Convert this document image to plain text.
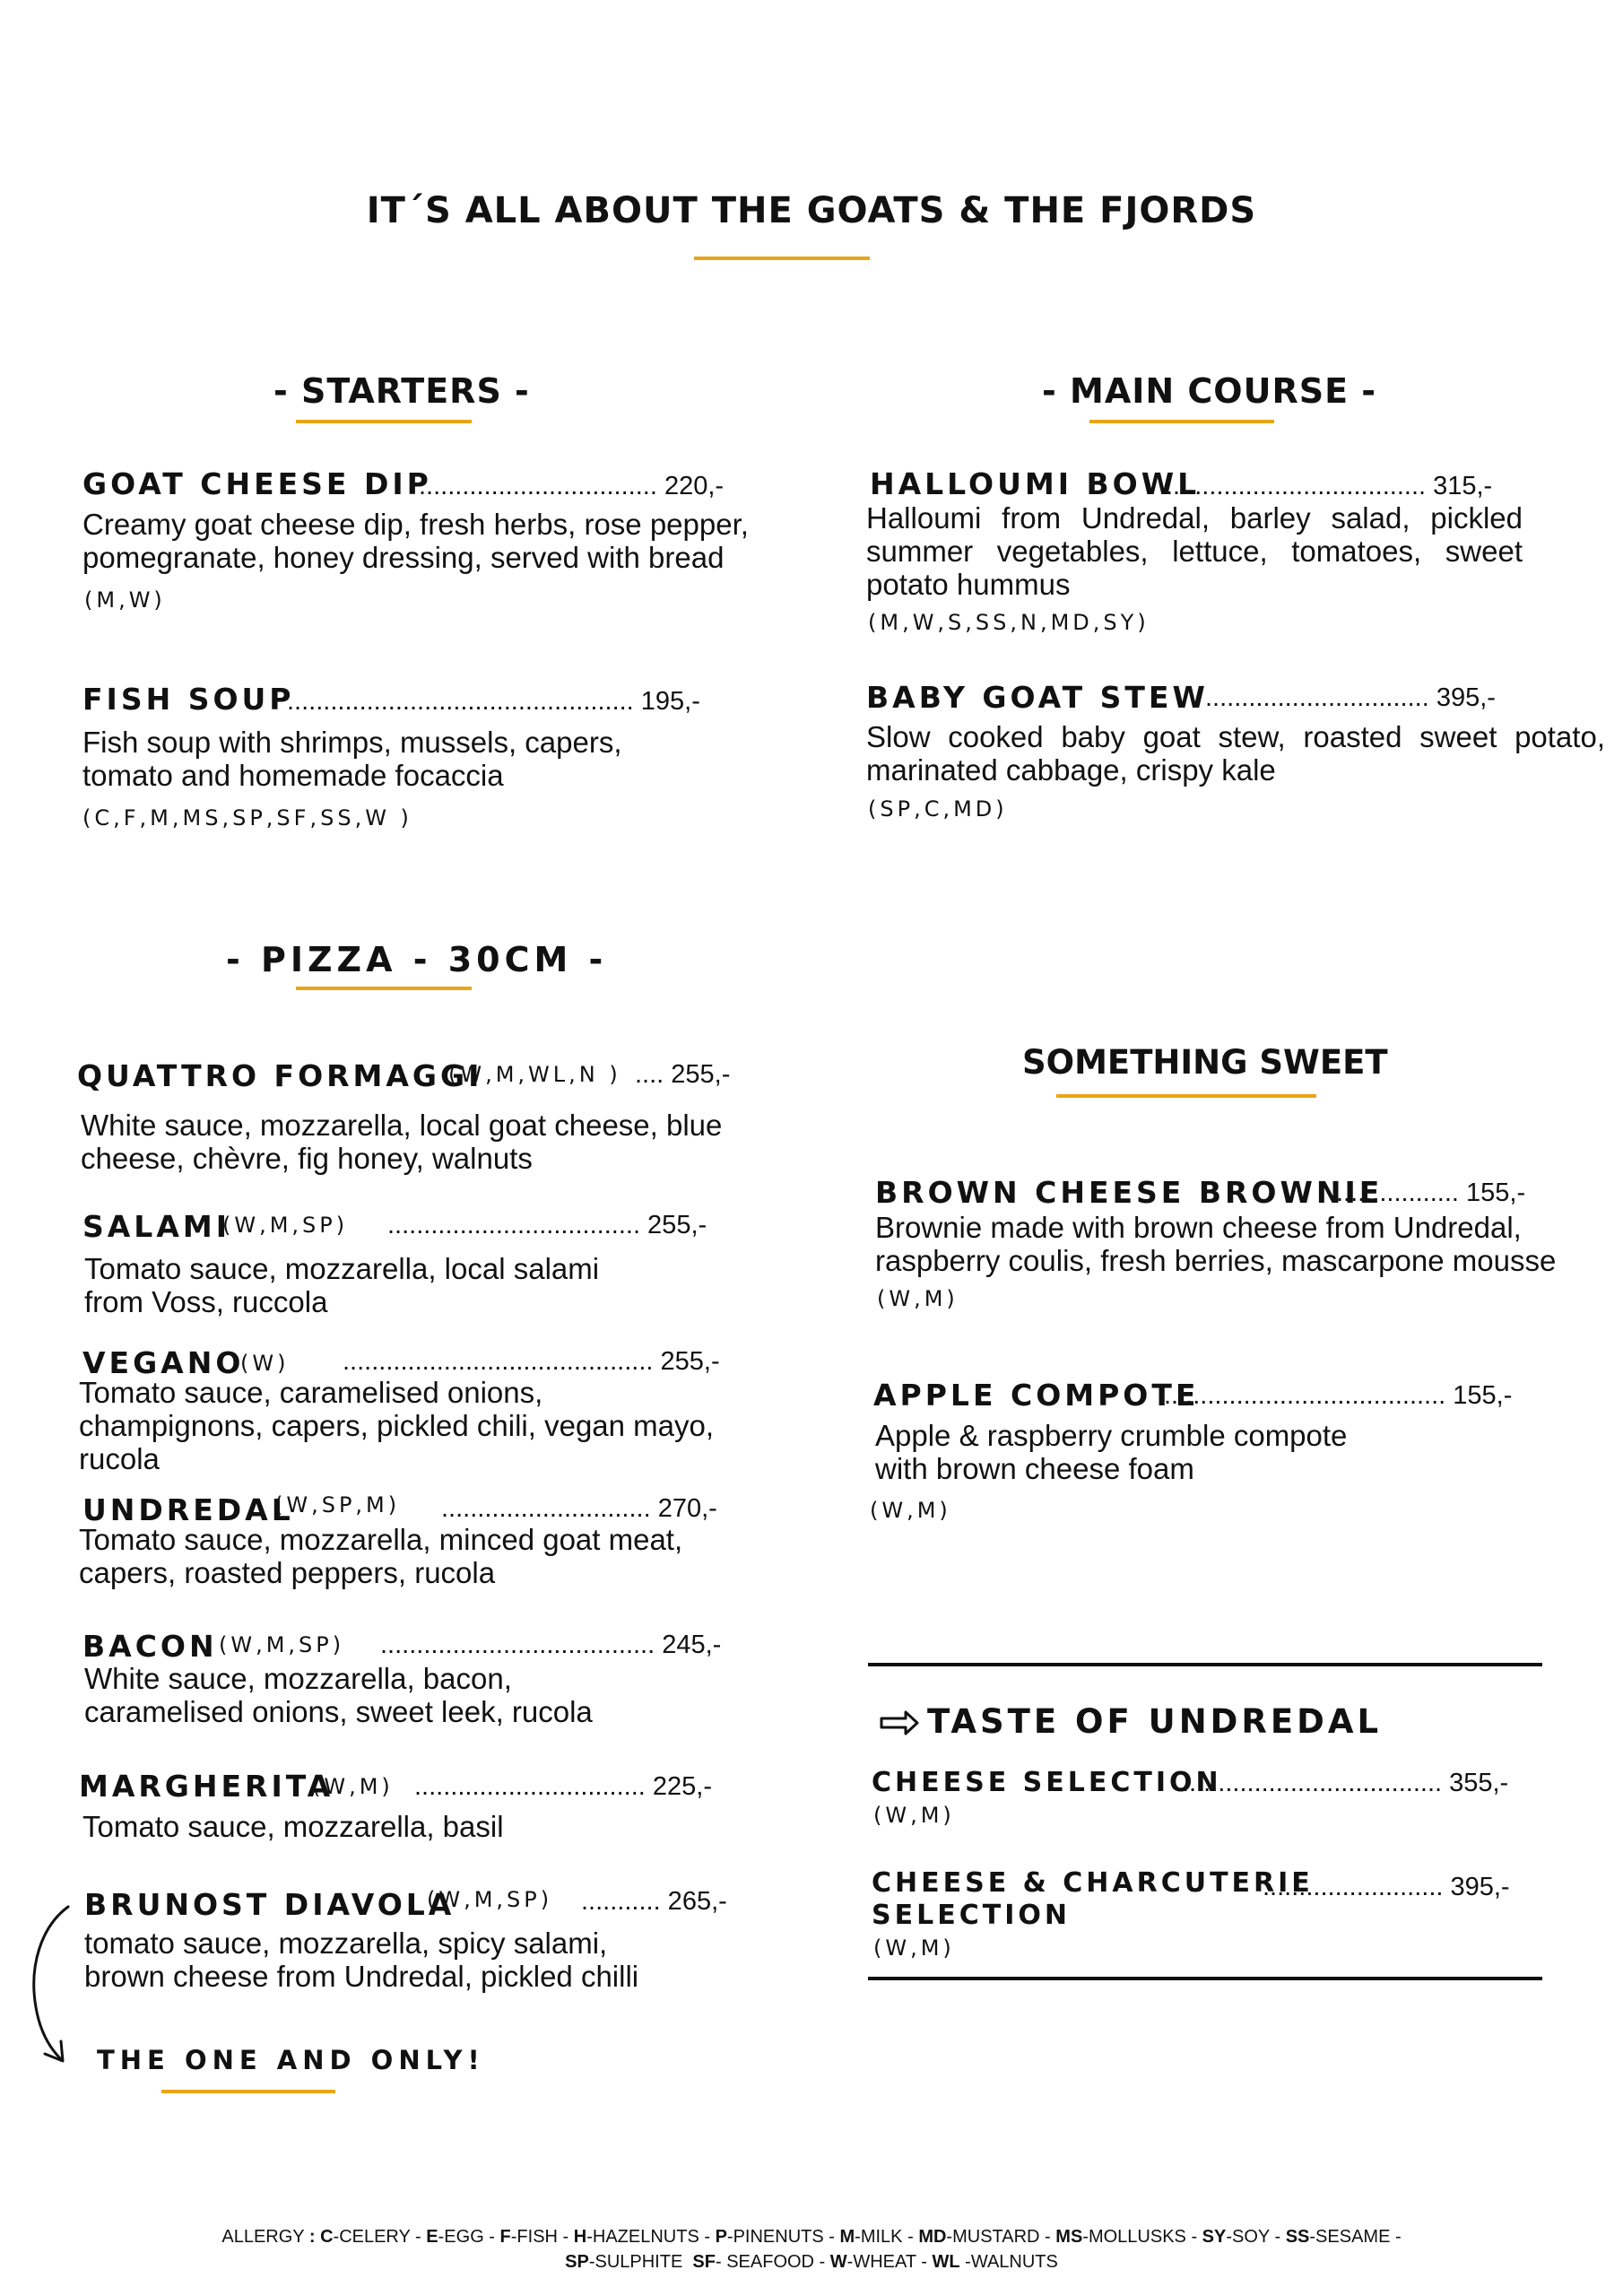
IT´S ALL ABOUT THE GOATS & THE FJORDS
- STARTERS -	- MAIN COURSE -
- PIZZA - 30CM -
SOMETHING SWEET
GOAT CHEESE DIP
................................. 220,-
Creamy goat cheese dip, fresh herbs, rose pepper,
pomegranate, honey dressing, served with bread
(M,W)
FISH SOUP
................................................ 195,-
Fish soup with shrimps, mussels, capers,
tomato and homemade focaccia
(C,F,M,MS,SP,SF,SS,W )
HALLOUMI BOWL
.................................... 315,-
Halloumi from Undredal, barley salad, pickled summer vegetables, lettuce, tomatoes, sweet potato hummus
(M,W,S,SS,N,MD,SY)
BABY GOAT STEW
............................... 395,-
Slow cooked baby goat stew, roasted sweet potato, marinated cabbage, crispy kale
(SP,C,MD)
QUATTRO FORMAGGI
(W,M,WL,N ) .... 255,-
White sauce, mozzarella, local goat cheese, blue
cheese, chèvre, fig honey, walnuts
SALAMI
(W,M,SP) ................................... 255,-
Tomato sauce, mozzarella, local salami
from Voss, ruccola
VEGANO
(W) ........................................... 255,-
Tomato sauce, caramelised onions,
champignons, capers, pickled chili, vegan mayo,
rucola
UNDREDAL
(W,SP,M) ............................. 270,-
Tomato sauce, mozzarella, minced goat meat,
capers, roasted peppers, rucola
BACON (W,M,SP) ...................................... 245,-
White sauce, mozzarella, bacon,
caramelised onions, sweet leek, rucola
MARGHERITA
(W,M) ................................ 225,-
Tomato sauce, mozzarella, basil
BRUNOST DIAVOLA
(W,M,SP) ........... 265,-
tomato sauce, mozzarella, spicy salami,
brown cheese from Undredal, pickled chilli
THE ONE AND ONLY!
BROWN CHEESE BROWNIE
................. 155,-
Brownie made with brown cheese from Undredal,
raspberry coulis, fresh berries, mascarpone mousse
(W,M)
APPLE COMPOTE
....................................... 155,-
Apple & raspberry crumble compote
with brown cheese foam
(W,M)
TASTE OF UNDREDAL
CHEESE SELECTION
.................................... 355,-
(W,M)
CHEESE & CHARCUTERIE
SELECTION
......................... 395,-
(W,M)
ALLERGY : C-CELERY - E-EGG - F-FISH - H-HAZELNUTS - P-PINENUTS - M-MILK - MD-MUSTARD - MS-MOLLUSKS - SY-SOY - SS-SESAME -
SP-SULPHITE SF- SEAFOOD - W-WHEAT - WL -WALNUTS
